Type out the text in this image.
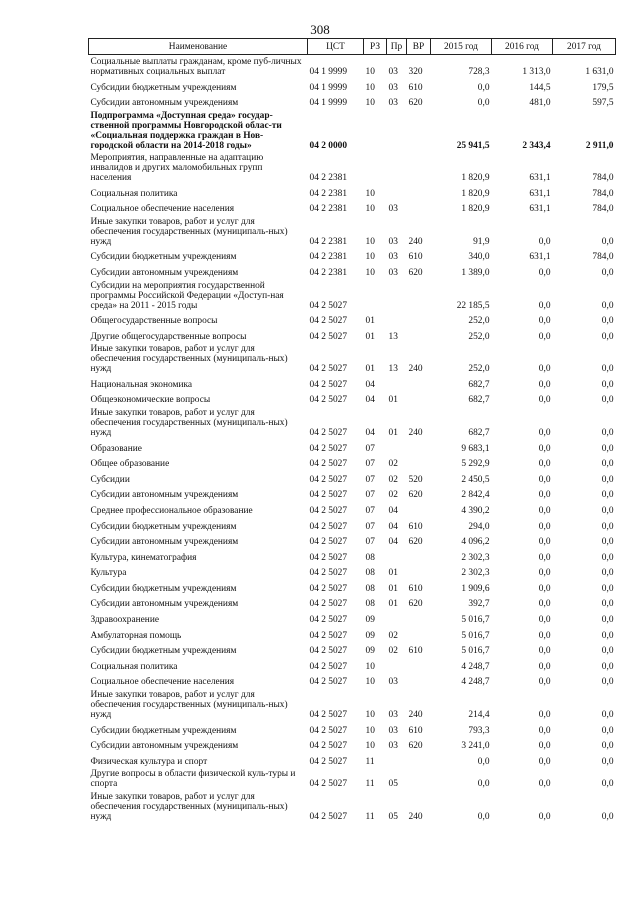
308
Наименование	ЦСТ	РЗ	Пр	ВР	2015 год	2016 год	2017 год
Социальные выплаты гражданам, кроме пуб-личных нормативных социальных выплат	04 1 9999	10	03	320	728,3	1 313,0	1 631,0
Субсидии бюджетным учреждениям	04 1 9999	10	03	610	0,0	144,5	179,5
Субсидии автономным учреждениям	04 1 9999	10	03	620	0,0	481,0	597,5
Подпрограмма «Доступная среда» государ-ственной программы Новгородской облас-ти «Социальная поддержка граждан в Нов-городской области на 2014-2018 годы»	04 2 0000				25 941,5	2 343,4	2 911,0
Мероприятия, направленные на адаптацию инвалидов и других маломобильных групп населения	04 2 2381				1 820,9	631,1	784,0
Социальная политика	04 2 2381	10			1 820,9	631,1	784,0
Социальное обеспечение населения	04 2 2381	10	03		1 820,9	631,1	784,0
Иные закупки товаров, работ и услуг для обеспечения государственных (муниципаль-ных) нужд	04 2 2381	10	03	240	91,9	0,0	0,0
Субсидии бюджетным учреждениям	04 2 2381	10	03	610	340,0	631,1	784,0
Субсидии автономным учреждениям	04 2 2381	10	03	620	1 389,0	0,0	0,0
Субсидии на мероприятия государственной программы Российской Федерации «Доступ-ная среда» на 2011 - 2015 годы	04 2 5027				22 185,5	0,0	0,0
Общегосударственные вопросы	04 2 5027	01			252,0	0,0	0,0
Другие общегосударственные вопросы	04 2 5027	01	13		252,0	0,0	0,0
Иные закупки товаров, работ и услуг для обеспечения государственных (муниципаль-ных) нужд	04 2 5027	01	13	240	252,0	0,0	0,0
Национальная экономика	04 2 5027	04			682,7	0,0	0,0
Общеэкономические вопросы	04 2 5027	04	01		682,7	0,0	0,0
Иные закупки товаров, работ и услуг для обеспечения государственных (муниципаль-ных) нужд	04 2 5027	04	01	240	682,7	0,0	0,0
Образование	04 2 5027	07			9 683,1	0,0	0,0
Общее образование	04 2 5027	07	02		5 292,9	0,0	0,0
Субсидии	04 2 5027	07	02	520	2 450,5	0,0	0,0
Субсидии автономным учреждениям	04 2 5027	07	02	620	2 842,4	0,0	0,0
Среднее профессиональное образование	04 2 5027	07	04		4 390,2	0,0	0,0
Субсидии бюджетным учреждениям	04 2 5027	07	04	610	294,0	0,0	0,0
Субсидии автономным учреждениям	04 2 5027	07	04	620	4 096,2	0,0	0,0
Культура, кинематография	04 2 5027	08			2 302,3	0,0	0,0
Культура	04 2 5027	08	01		2 302,3	0,0	0,0
Субсидии бюджетным учреждениям	04 2 5027	08	01	610	1 909,6	0,0	0,0
Субсидии автономным учреждениям	04 2 5027	08	01	620	392,7	0,0	0,0
Здравоохранение	04 2 5027	09			5 016,7	0,0	0,0
Амбулаторная помощь	04 2 5027	09	02		5 016,7	0,0	0,0
Субсидии бюджетным учреждениям	04 2 5027	09	02	610	5 016,7	0,0	0,0
Социальная политика	04 2 5027	10			4 248,7	0,0	0,0
Социальное обеспечение населения	04 2 5027	10	03		4 248,7	0,0	0,0
Иные закупки товаров, работ и услуг для обеспечения государственных (муниципаль-ных) нужд	04 2 5027	10	03	240	214,4	0,0	0,0
Субсидии бюджетным учреждениям	04 2 5027	10	03	610	793,3	0,0	0,0
Субсидии автономным учреждениям	04 2 5027	10	03	620	3 241,0	0,0	0,0
Физическая культура и спорт	04 2 5027	11			0,0	0,0	0,0
Другие вопросы в области физической куль-туры и спорта	04 2 5027	11	05		0,0	0,0	0,0
Иные закупки товаров, работ и услуг для обеспечения государственных (муниципаль-ных) нужд	04 2 5027	11	05	240	0,0	0,0	0,0
